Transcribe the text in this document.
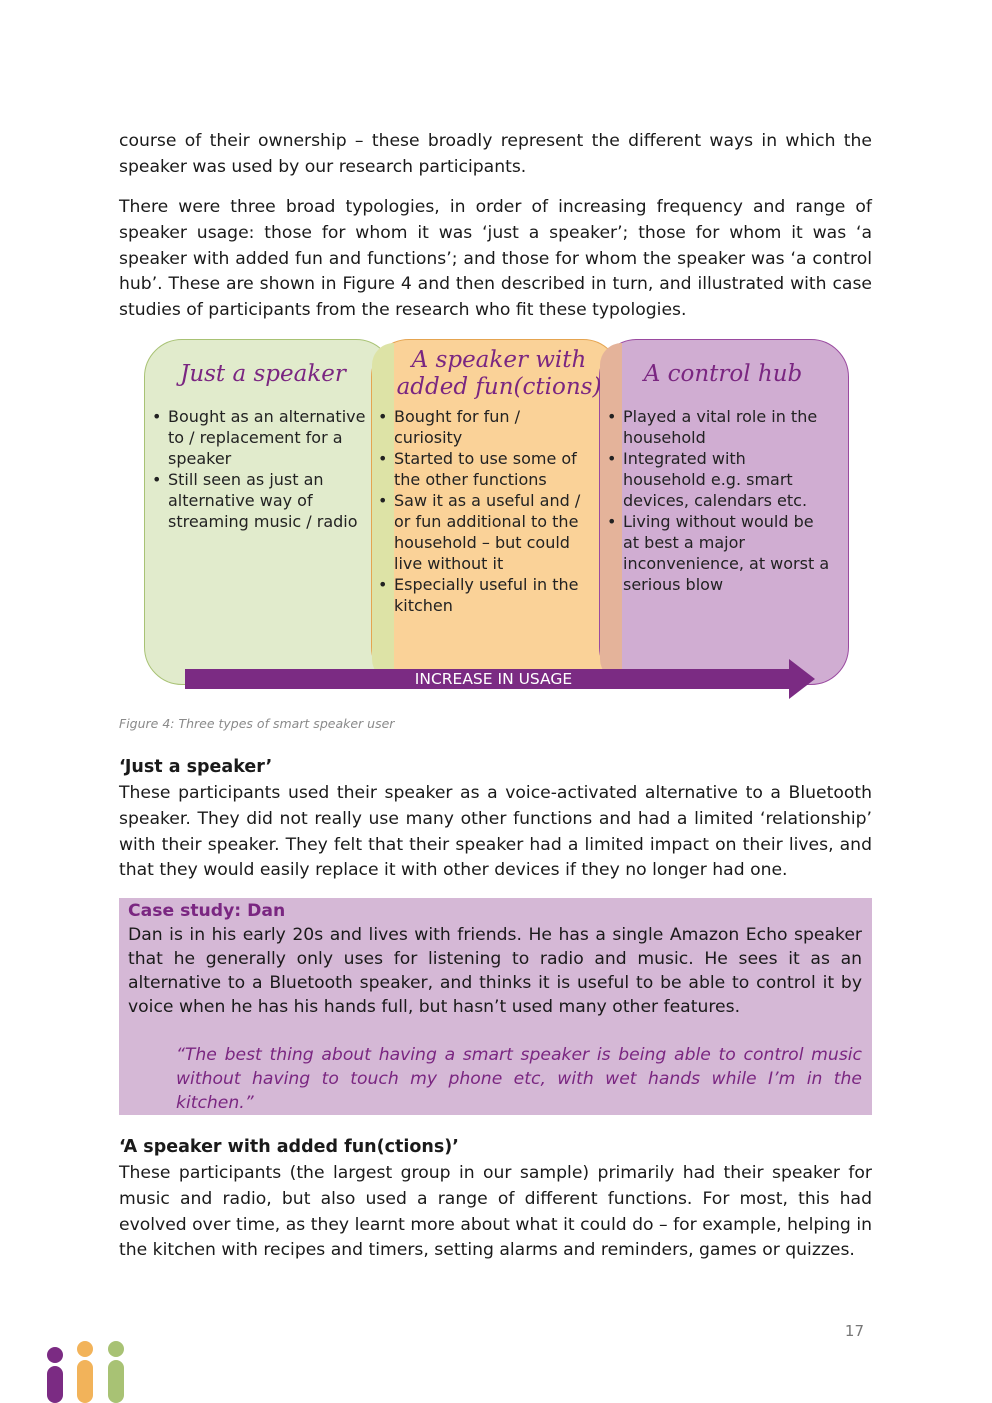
course of their ownership – these broadly represent the different ways in which the speaker was used by our research participants.

There were three broad typologies, in order of increasing frequency and range of speaker usage: those for whom it was ‘just a speaker’; those for whom it was ‘a speaker with added fun and functions’; and those for whom the speaker was ‘a control hub’. These are shown in Figure 4 and then described in turn, and illustrated with case studies of participants from the research who fit these typologies.

Just a speaker
A speaker with
added fun(ctions)	A control hub
• Bought as an alternative to / replacement for a speaker
• Still seen as just an alternative way of streaming music / radio
• Bought for fun / curiosity
• Started to use some of the other functions
• Saw it as a useful and / or fun additional to the household – but could live without it
• Especially useful in the kitchen
• Played a vital role in the household
• Integrated with household e.g. smart devices, calendars etc.
• Living without would be at best a major inconvenience, at worst a serious blow
INCREASE IN USAGE

Figure 4: Three types of smart speaker user

‘Just a speaker’

These participants used their speaker as a voice-activated alternative to a Bluetooth speaker. They did not really use many other functions and had a limited ‘relationship’ with their speaker. They felt that their speaker had a limited impact on their lives, and that they would easily replace it with other devices if they no longer had one.

Case study: Dan

Dan is in his early 20s and lives with friends. He has a single Amazon Echo speaker that he generally only uses for listening to radio and music. He sees it as an alternative to a Bluetooth speaker, and thinks it is useful to be able to control it by voice when he has his hands full, but hasn’t used many other features.

“The best thing about having a smart speaker is being able to control music without having to touch my phone etc, with wet hands while I’m in the kitchen.”

‘A speaker with added fun(ctions)’

These participants (the largest group in our sample) primarily had their speaker for music and radio, but also used a range of different functions. For most, this had evolved over time, as they learnt more about what it could do – for example, helping in the kitchen with recipes and timers, setting alarms and reminders, games or quizzes.

17
